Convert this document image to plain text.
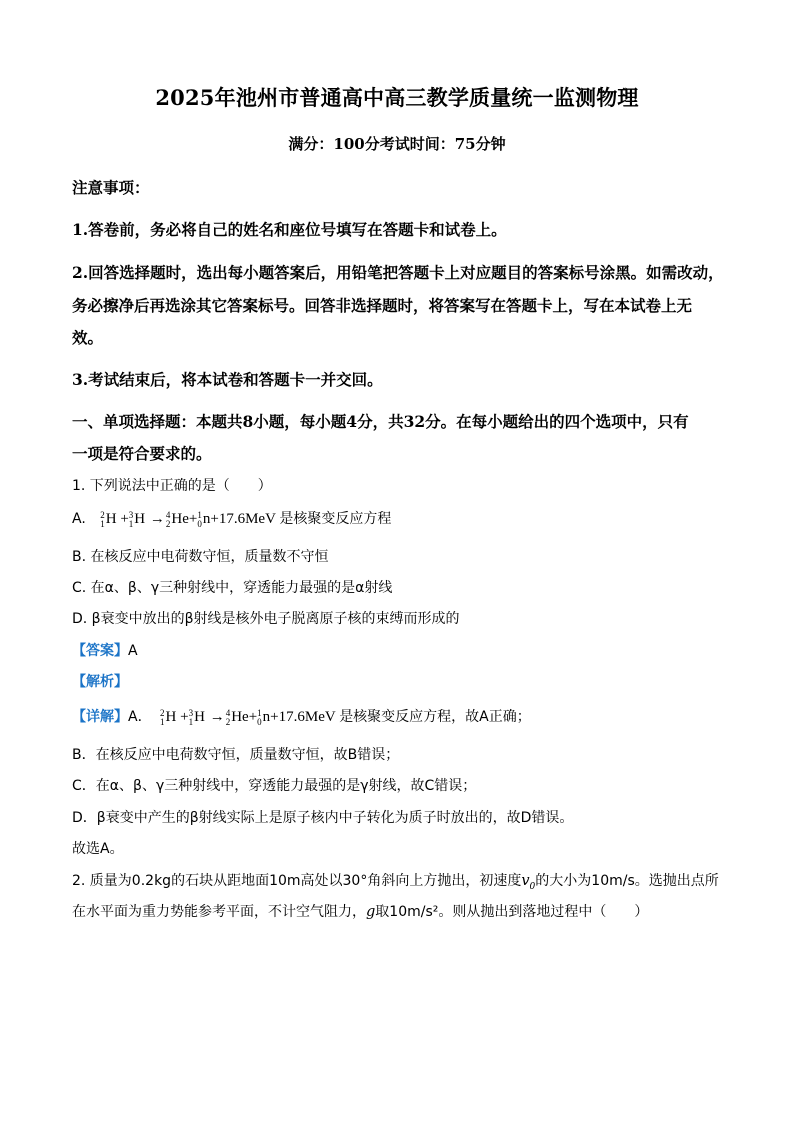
2025年池州市普通高中高三教学质量统一监测物理
满分：100分考试时间：75分钟
注意事项：
1.答卷前，务必将自己的姓名和座位号填写在答题卡和试卷上。
2.回答选择题时，选出每小题答案后，用铅笔把答题卡上对应题目的答案标号涂黑。如需改动，
务必擦净后再选涂其它答案标号。回答非选择题时，将答案写在答题卡上，写在本试卷上无
效。
3.考试结束后，将本试卷和答题卡一并交回。
一、单项选择题：本题共8小题，每小题4分，共32分。在每小题给出的四个选项中，只有
一项是符合要求的。
1. 下列说法中正确的是（　　）
A. 2
1 H + 3
1 H → 4
2 He+ 1
0 n+17.6MeV 是核聚变反应方程
B. 在核反应中电荷数守恒，质量数不守恒
C. 在α、β、γ三种射线中，穿透能力最强的是α射线
D. β衰变中放出的β射线是核外电子脱离原子核的束缚而形成的
【答案】A
【解析】
【详解】A． 2
1 H + 3
1 H → 4
2 He+ 1
0 n+17.6MeV 是核聚变反应方程，故A正确；
B．在核反应中电荷数守恒，质量数守恒，故B错误；
C．在α、β、γ三种射线中，穿透能力最强的是γ射线，故C错误；
D．β衰变中产生的β射线实际上是原子核内中子转化为质子时放出的，故D错误。
故选A。
2. 质量为0.2kg的石块从距地面10m高处以30°角斜向上方抛出，初速度$v_0$的大小为10m/s。选抛出点所
在水平面为重力势能参考平面，不计空气阻力，g取10m/s²。则从抛出到落地过程中（　　）
